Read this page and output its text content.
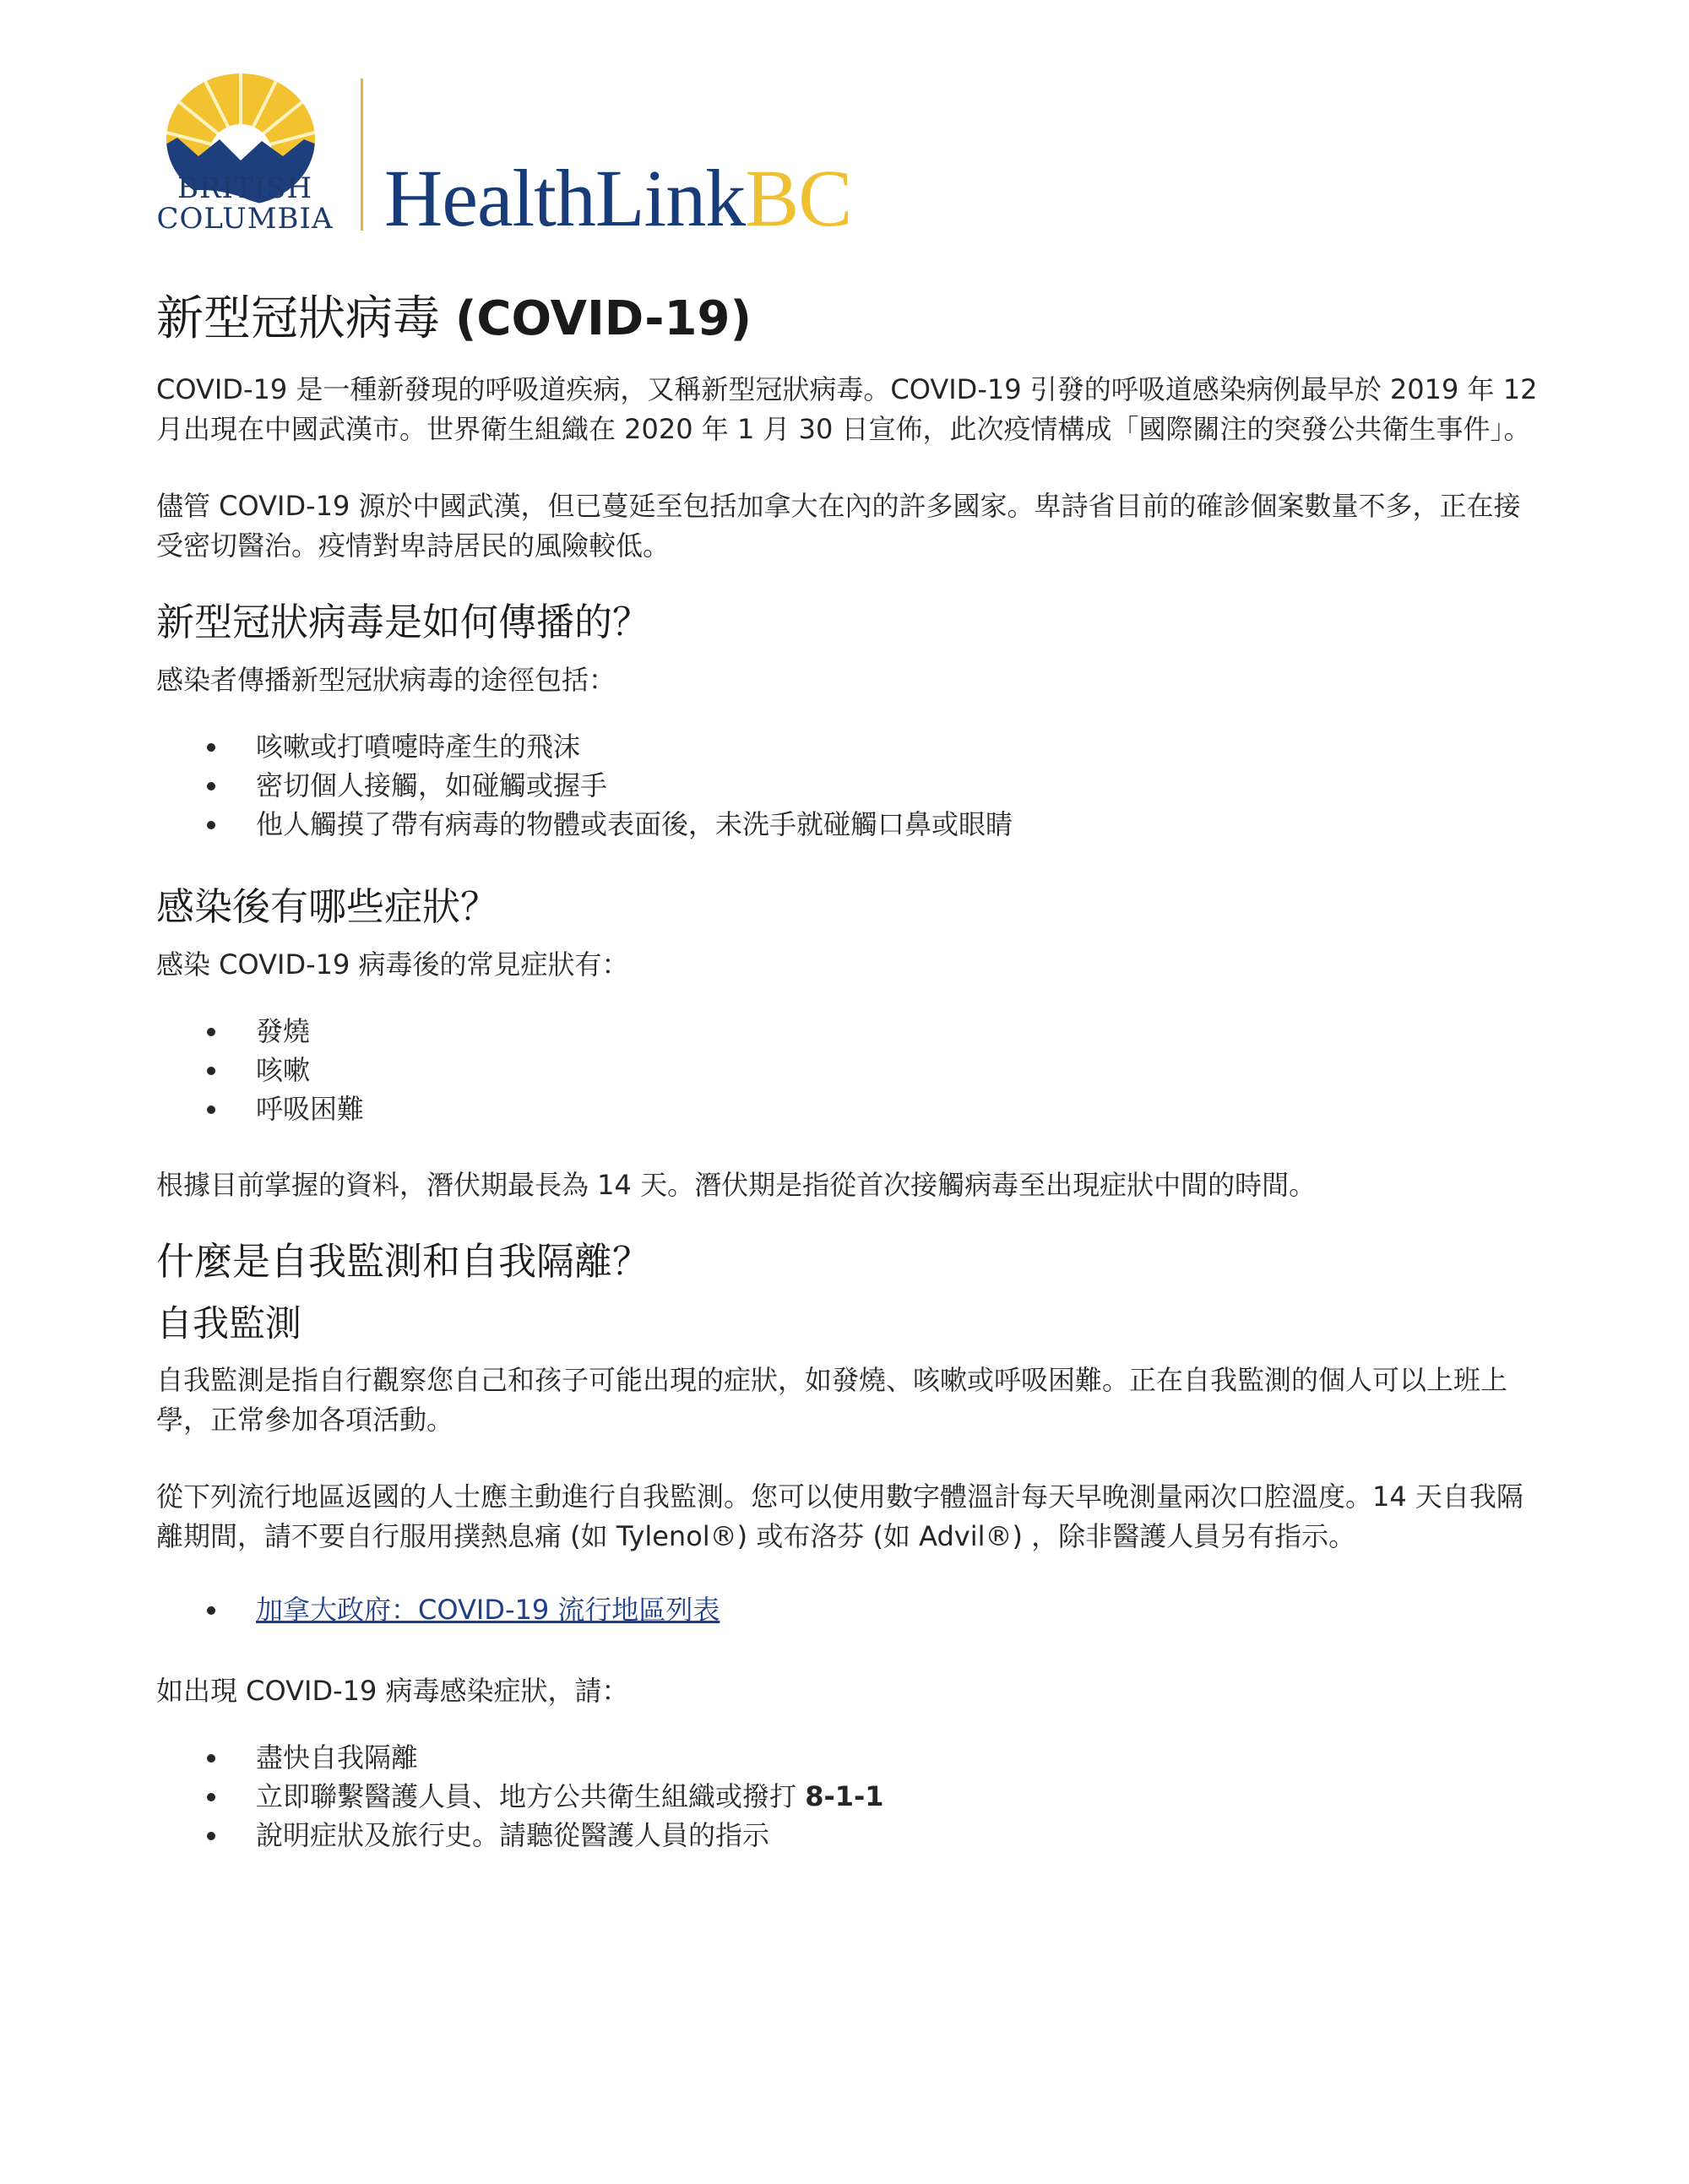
BRITISH
COLUMBIA HealthLinkBC
新型冠狀病毒 (COVID-19)

COVID-19 是一種新發現的呼吸道疾病，又稱新型冠狀病毒。COVID-19 引發的呼吸道感染病例最早於 2019 年 12 月出現在中國武漢市。世界衛生組織在 2020 年 1 月 30 日宣佈，此次疫情構成「國際關注的突發公共衛生事件」。

儘管 COVID-19 源於中國武漢，但已蔓延至包括加拿大在內的許多國家。卑詩省目前的確診個案數量不多，正在接受密切醫治。疫情對卑詩居民的風險較低。

新型冠狀病毒是如何傳播的？

感染者傳播新型冠狀病毒的途徑包括：

咳嗽或打噴嚏時產生的飛沫
密切個人接觸，如碰觸或握手
他人觸摸了帶有病毒的物體或表面後，未洗手就碰觸口鼻或眼睛
感染後有哪些症狀？

感染 COVID-19 病毒後的常見症狀有：

發燒
咳嗽
呼吸困難

根據目前掌握的資料，潛伏期最長為 14 天。潛伏期是指從首次接觸病毒至出現症狀中間的時間。

什麼是自我監測和自我隔離？
自我監測

自我監測是指自行觀察您自己和孩子可能出現的症狀，如發燒、咳嗽或呼吸困難。正在自我監測的個人可以上班上學，正常參加各項活動。

從下列流行地區返國的人士應主動進行自我監測。您可以使用數字體溫計每天早晚測量兩次口腔溫度。14 天自我隔離期間，請不要自行服用撲熱息痛 (如 Tylenol®) 或布洛芬 (如 Advil®) ，除非醫護人員另有指示。

加拿大政府：COVID-19 流行地區列表

如出現 COVID-19 病毒感染症狀，請：

盡快自我隔離
立即聯繫醫護人員、地方公共衛生組織或撥打 8-1-1
說明症狀及旅行史。請聽從醫護人員的指示
